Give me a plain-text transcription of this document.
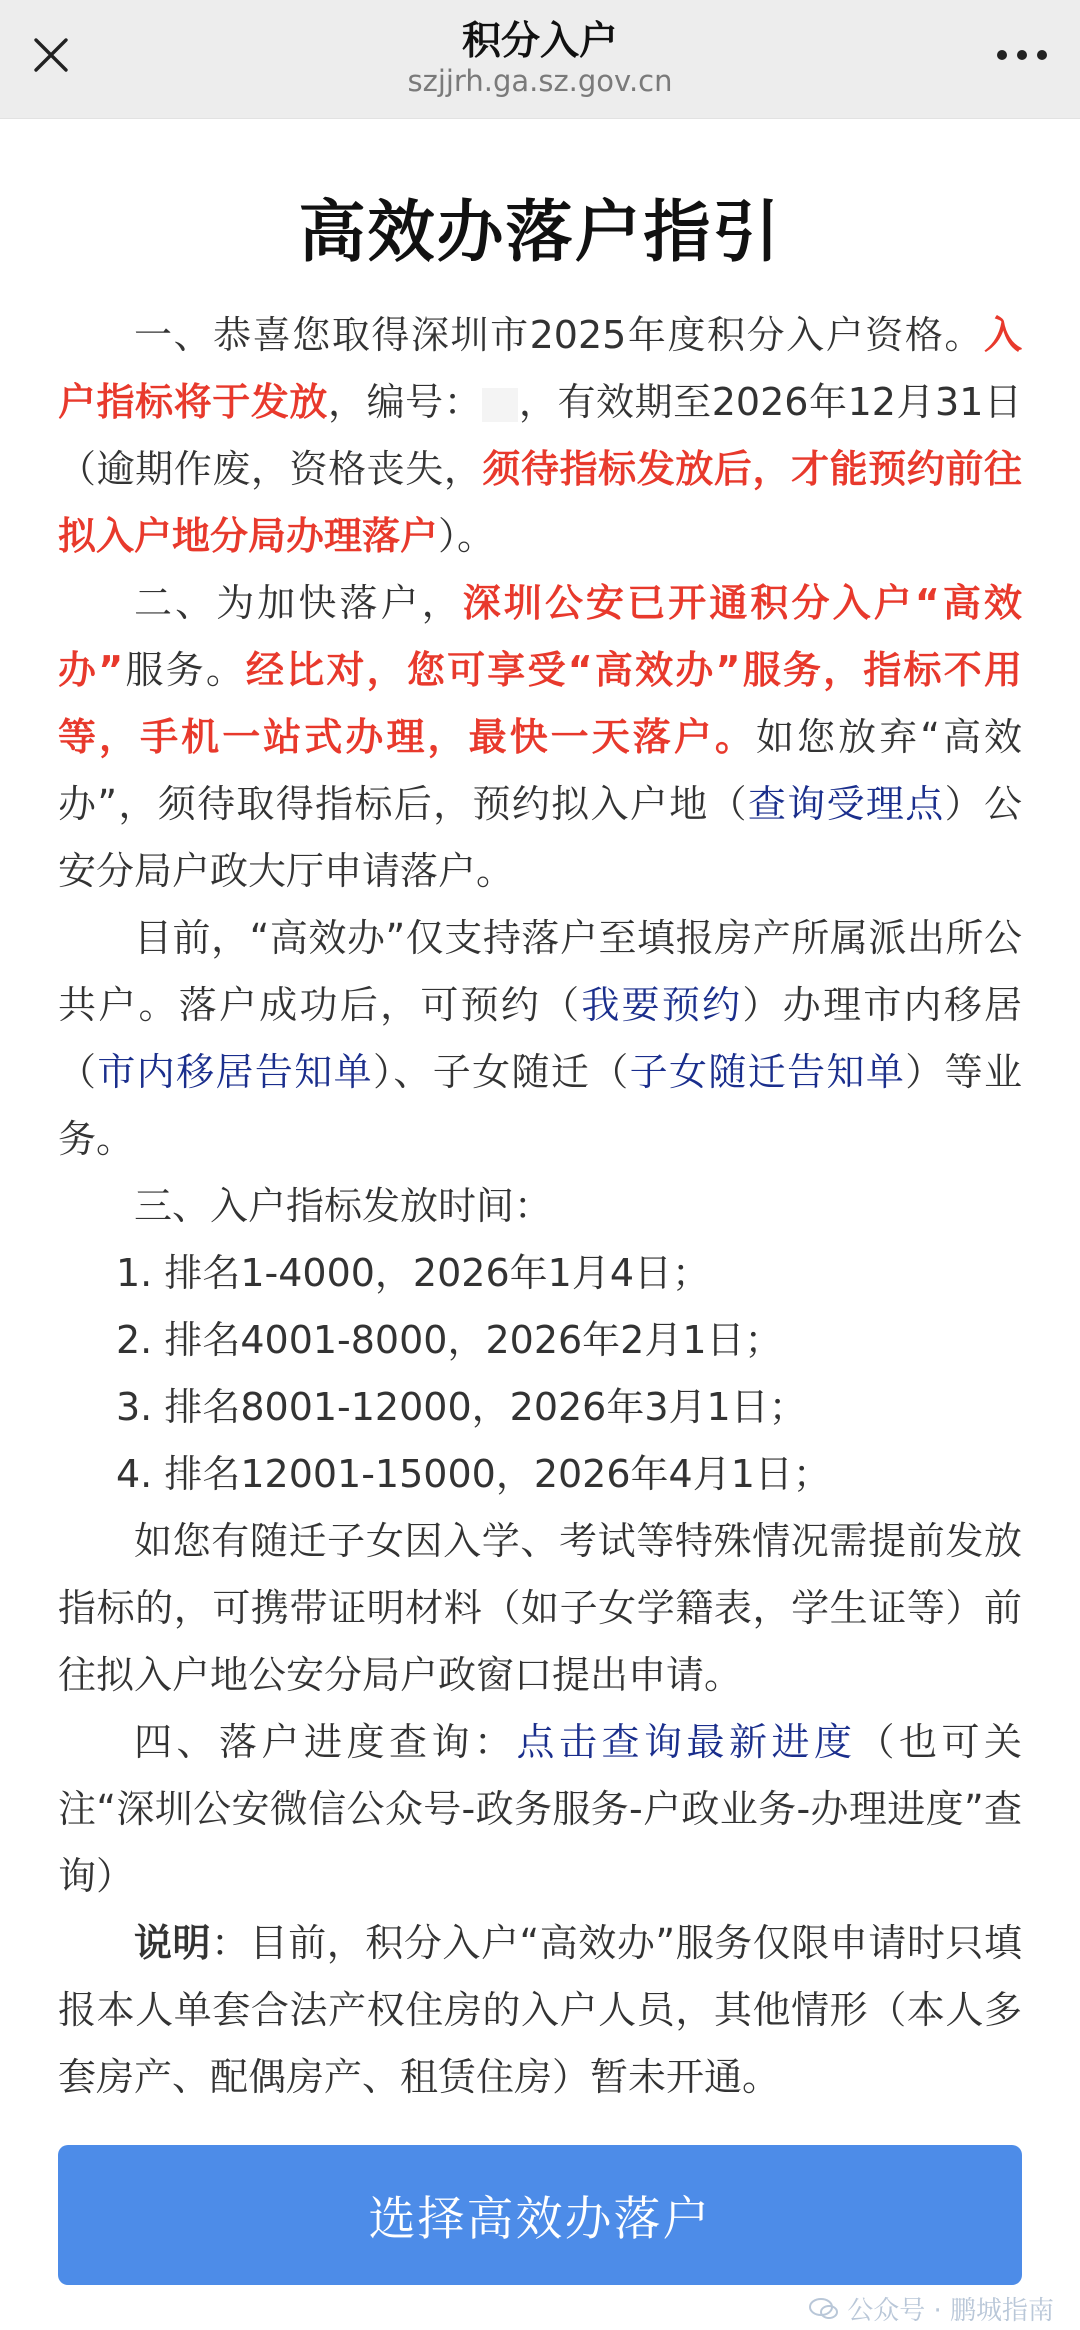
积分入户
szjjrh.ga.sz.gov.cn
高效办落户指引

一、恭喜您取得深圳市2025年度积分入户资格。入户指标将于发放，编号： ，有效期至2026年12月31日（逾期作废，资格丧失，须待指标发放后，才能预约前往拟入户地分局办理落户）。

二、为加快落户，深圳公安已开通积分入户“高效办”服务。经比对，您可享受“高效办”服务，指标不用等，手机一站式办理，最快一天落户。如您放弃“高效办”，须待取得指标后，预约拟入户地（查询受理点）公安分局户政大厅申请落户。

目前，“高效办”仅支持落户至填报房产所属派出所公共户。落户成功后，可预约（我要预约）办理市内移居（市内移居告知单）、子女随迁（子女随迁告知单）等业务。

三、入户指标发放时间：

1. 排名1-4000，2026年1月4日；

2. 排名4001-8000，2026年2月1日；

3. 排名8001-12000，2026年3月1日；

4. 排名12001-15000，2026年4月1日；

如您有随迁子女因入学、考试等特殊情况需提前发放指标的，可携带证明材料（如子女学籍表，学生证等）前往拟入户地公安分局户政窗口提出申请。

四、落户进度查询：点击查询最新进度（也可关注“深圳公安微信公众号-政务服务-户政业务-办理进度”查询）

说明：目前，积分入户“高效办”服务仅限申请时只填报本人单套合法产权住房的入户人员，其他情形（本人多套房产、配偶房产、租赁住房）暂未开通。

选择高效办落户
公众号 · 鹏城指南
